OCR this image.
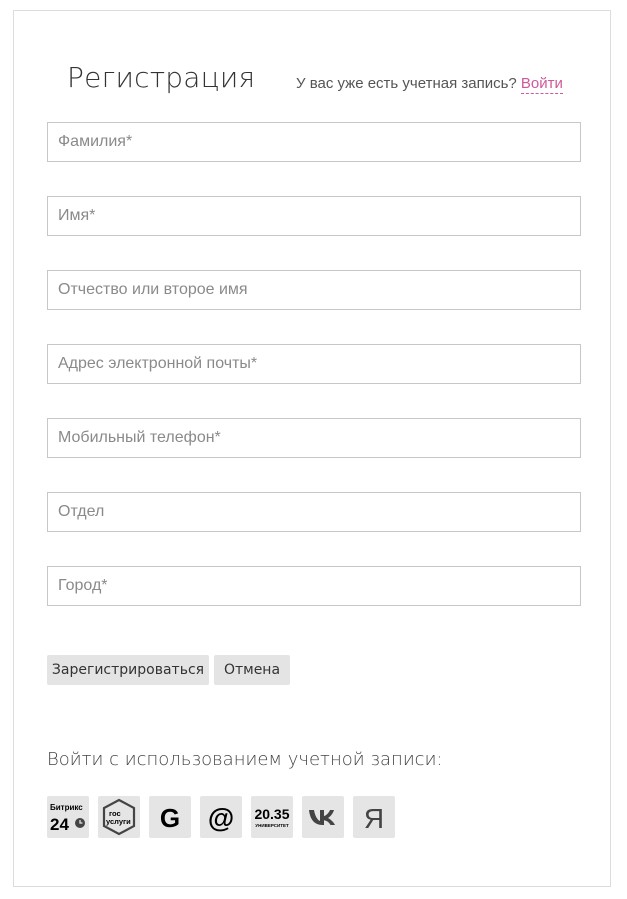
Регистрация	У вас уже есть учетная запись? Войти
Фамилия*
Имя*
Отчество или второе имя
Адрес электронной почты*
Мобильный телефон*
Отдел
Город*
Зарегистрироваться	Отмена
Войти с использованием учетной записи:
Битрикс
24
гос
услуги G @ 20.35
УНИВЕРСИТЕТ	Я
